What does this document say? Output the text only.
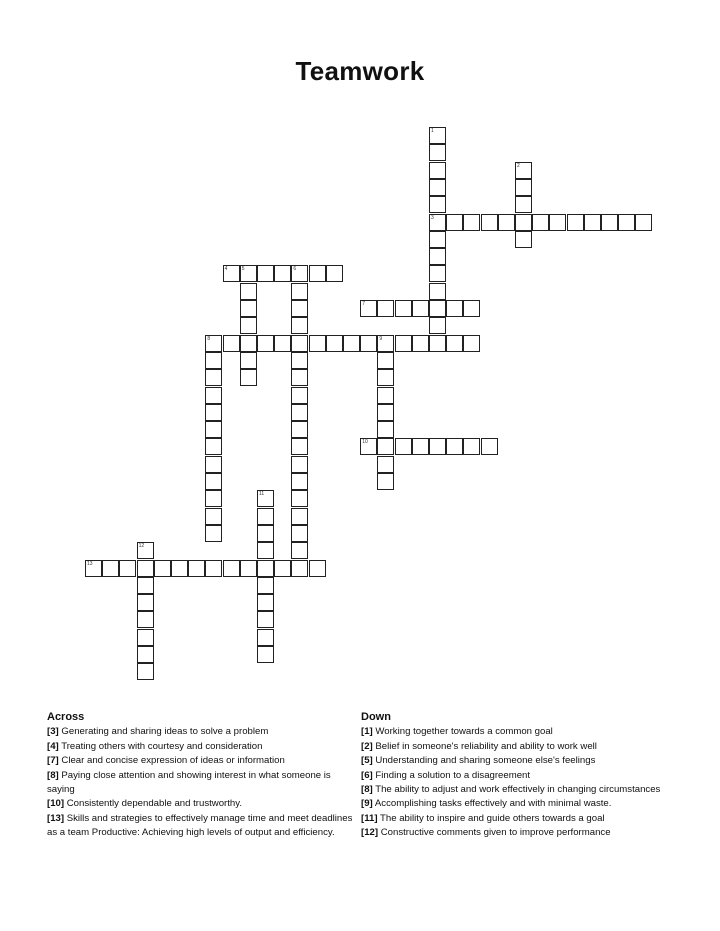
Teamwork
1
3
2
4	5	6
7
8	9
10
11
12
13
Across
[3] Generating and sharing ideas to solve a problem
[4] Treating others with courtesy and consideration
[7] Clear and concise expression of ideas or information
[8] Paying close attention and showing interest in what someone is saying
[10] Consistently dependable and trustworthy.
[13] Skills and strategies to effectively manage time and meet deadlines as a team Productive: Achieving high levels of output and efficiency.
Down
[1] Working together towards a common goal
[2] Belief in someone's reliability and ability to work well
[5] Understanding and sharing someone else's feelings
[6] Finding a solution to a disagreement
[8] The ability to adjust and work effectively in changing circumstances
[9] Accomplishing tasks effectively and with minimal waste.
[11] The ability to inspire and guide others towards a goal
[12] Constructive comments given to improve performance
